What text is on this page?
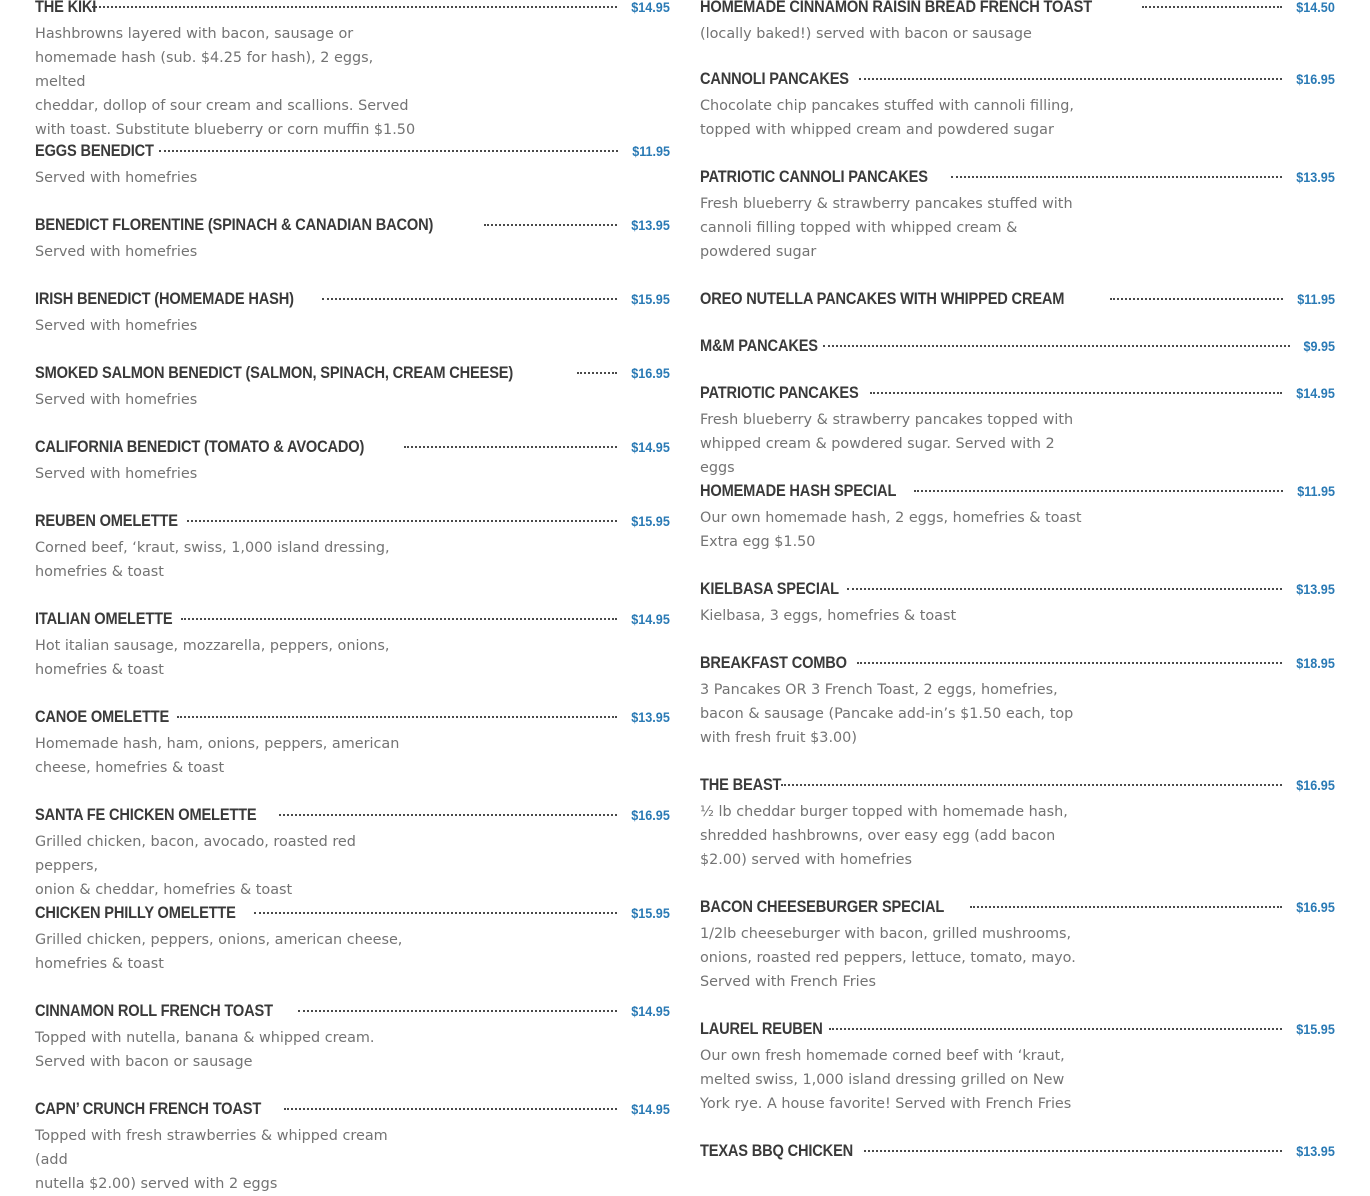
THE KIKI	$14.95

Hashbrowns layered with bacon, sausage or
homemade hash (sub. $4.25 for hash), 2 eggs, melted
cheddar, dollop of sour cream and scallions. Served
with toast. Substitute blueberry or corn muffin $1.50

EGGS BENEDICT	$11.95

Served with homefries

BENEDICT FLORENTINE (SPINACH & CANADIAN BACON)	$13.95

Served with homefries

IRISH BENEDICT (HOMEMADE HASH)	$15.95

Served with homefries

SMOKED SALMON BENEDICT (SALMON, SPINACH, CREAM CHEESE)	$16.95

Served with homefries

CALIFORNIA BENEDICT (TOMATO & AVOCADO)	$14.95

Served with homefries

REUBEN OMELETTE	$15.95

Corned beef, ‘kraut, swiss, 1,000 island dressing,
homefries & toast

ITALIAN OMELETTE	$14.95

Hot italian sausage, mozzarella, peppers, onions,
homefries & toast

CANOE OMELETTE	$13.95

Homemade hash, ham, onions, peppers, american
cheese, homefries & toast

SANTA FE CHICKEN OMELETTE	$16.95

Grilled chicken, bacon, avocado, roasted red peppers,
onion & cheddar, homefries & toast

CHICKEN PHILLY OMELETTE	$15.95

Grilled chicken, peppers, onions, american cheese,
homefries & toast

CINNAMON ROLL FRENCH TOAST	$14.95

Topped with nutella, banana & whipped cream.
Served with bacon or sausage

CAPN’ CRUNCH FRENCH TOAST	$14.95

Topped with fresh strawberries & whipped cream (add
nutella $2.00) served with 2 eggs

HOMEMADE CINNAMON RAISIN BREAD FRENCH TOAST	$14.50

(locally baked!) served with bacon or sausage

CANNOLI PANCAKES	$16.95

Chocolate chip pancakes stuffed with cannoli filling,
topped with whipped cream and powdered sugar

PATRIOTIC CANNOLI PANCAKES	$13.95

Fresh blueberry & strawberry pancakes stuffed with
cannoli filling topped with whipped cream &
powdered sugar

OREO NUTELLA PANCAKES WITH WHIPPED CREAM	$11.95
M&M PANCAKES	$9.95
PATRIOTIC PANCAKES	$14.95

Fresh blueberry & strawberry pancakes topped with
whipped cream & powdered sugar. Served with 2 eggs

HOMEMADE HASH SPECIAL	$11.95

Our own homemade hash, 2 eggs, homefries & toast
Extra egg $1.50

KIELBASA SPECIAL	$13.95

Kielbasa, 3 eggs, homefries & toast

BREAKFAST COMBO	$18.95

3 Pancakes OR 3 French Toast, 2 eggs, homefries,
bacon & sausage (Pancake add-in’s $1.50 each, top
with fresh fruit $3.00)

THE BEAST	$16.95

½ lb cheddar burger topped with homemade hash,
shredded hashbrowns, over easy egg (add bacon
$2.00) served with homefries

BACON CHEESEBURGER SPECIAL	$16.95

1/2lb cheeseburger with bacon, grilled mushrooms,
onions, roasted red peppers, lettuce, tomato, mayo.
Served with French Fries

LAUREL REUBEN	$15.95

Our own fresh homemade corned beef with ‘kraut,
melted swiss, 1,000 island dressing grilled on New
York rye. A house favorite! Served with French Fries

TEXAS BBQ CHICKEN	$13.95
